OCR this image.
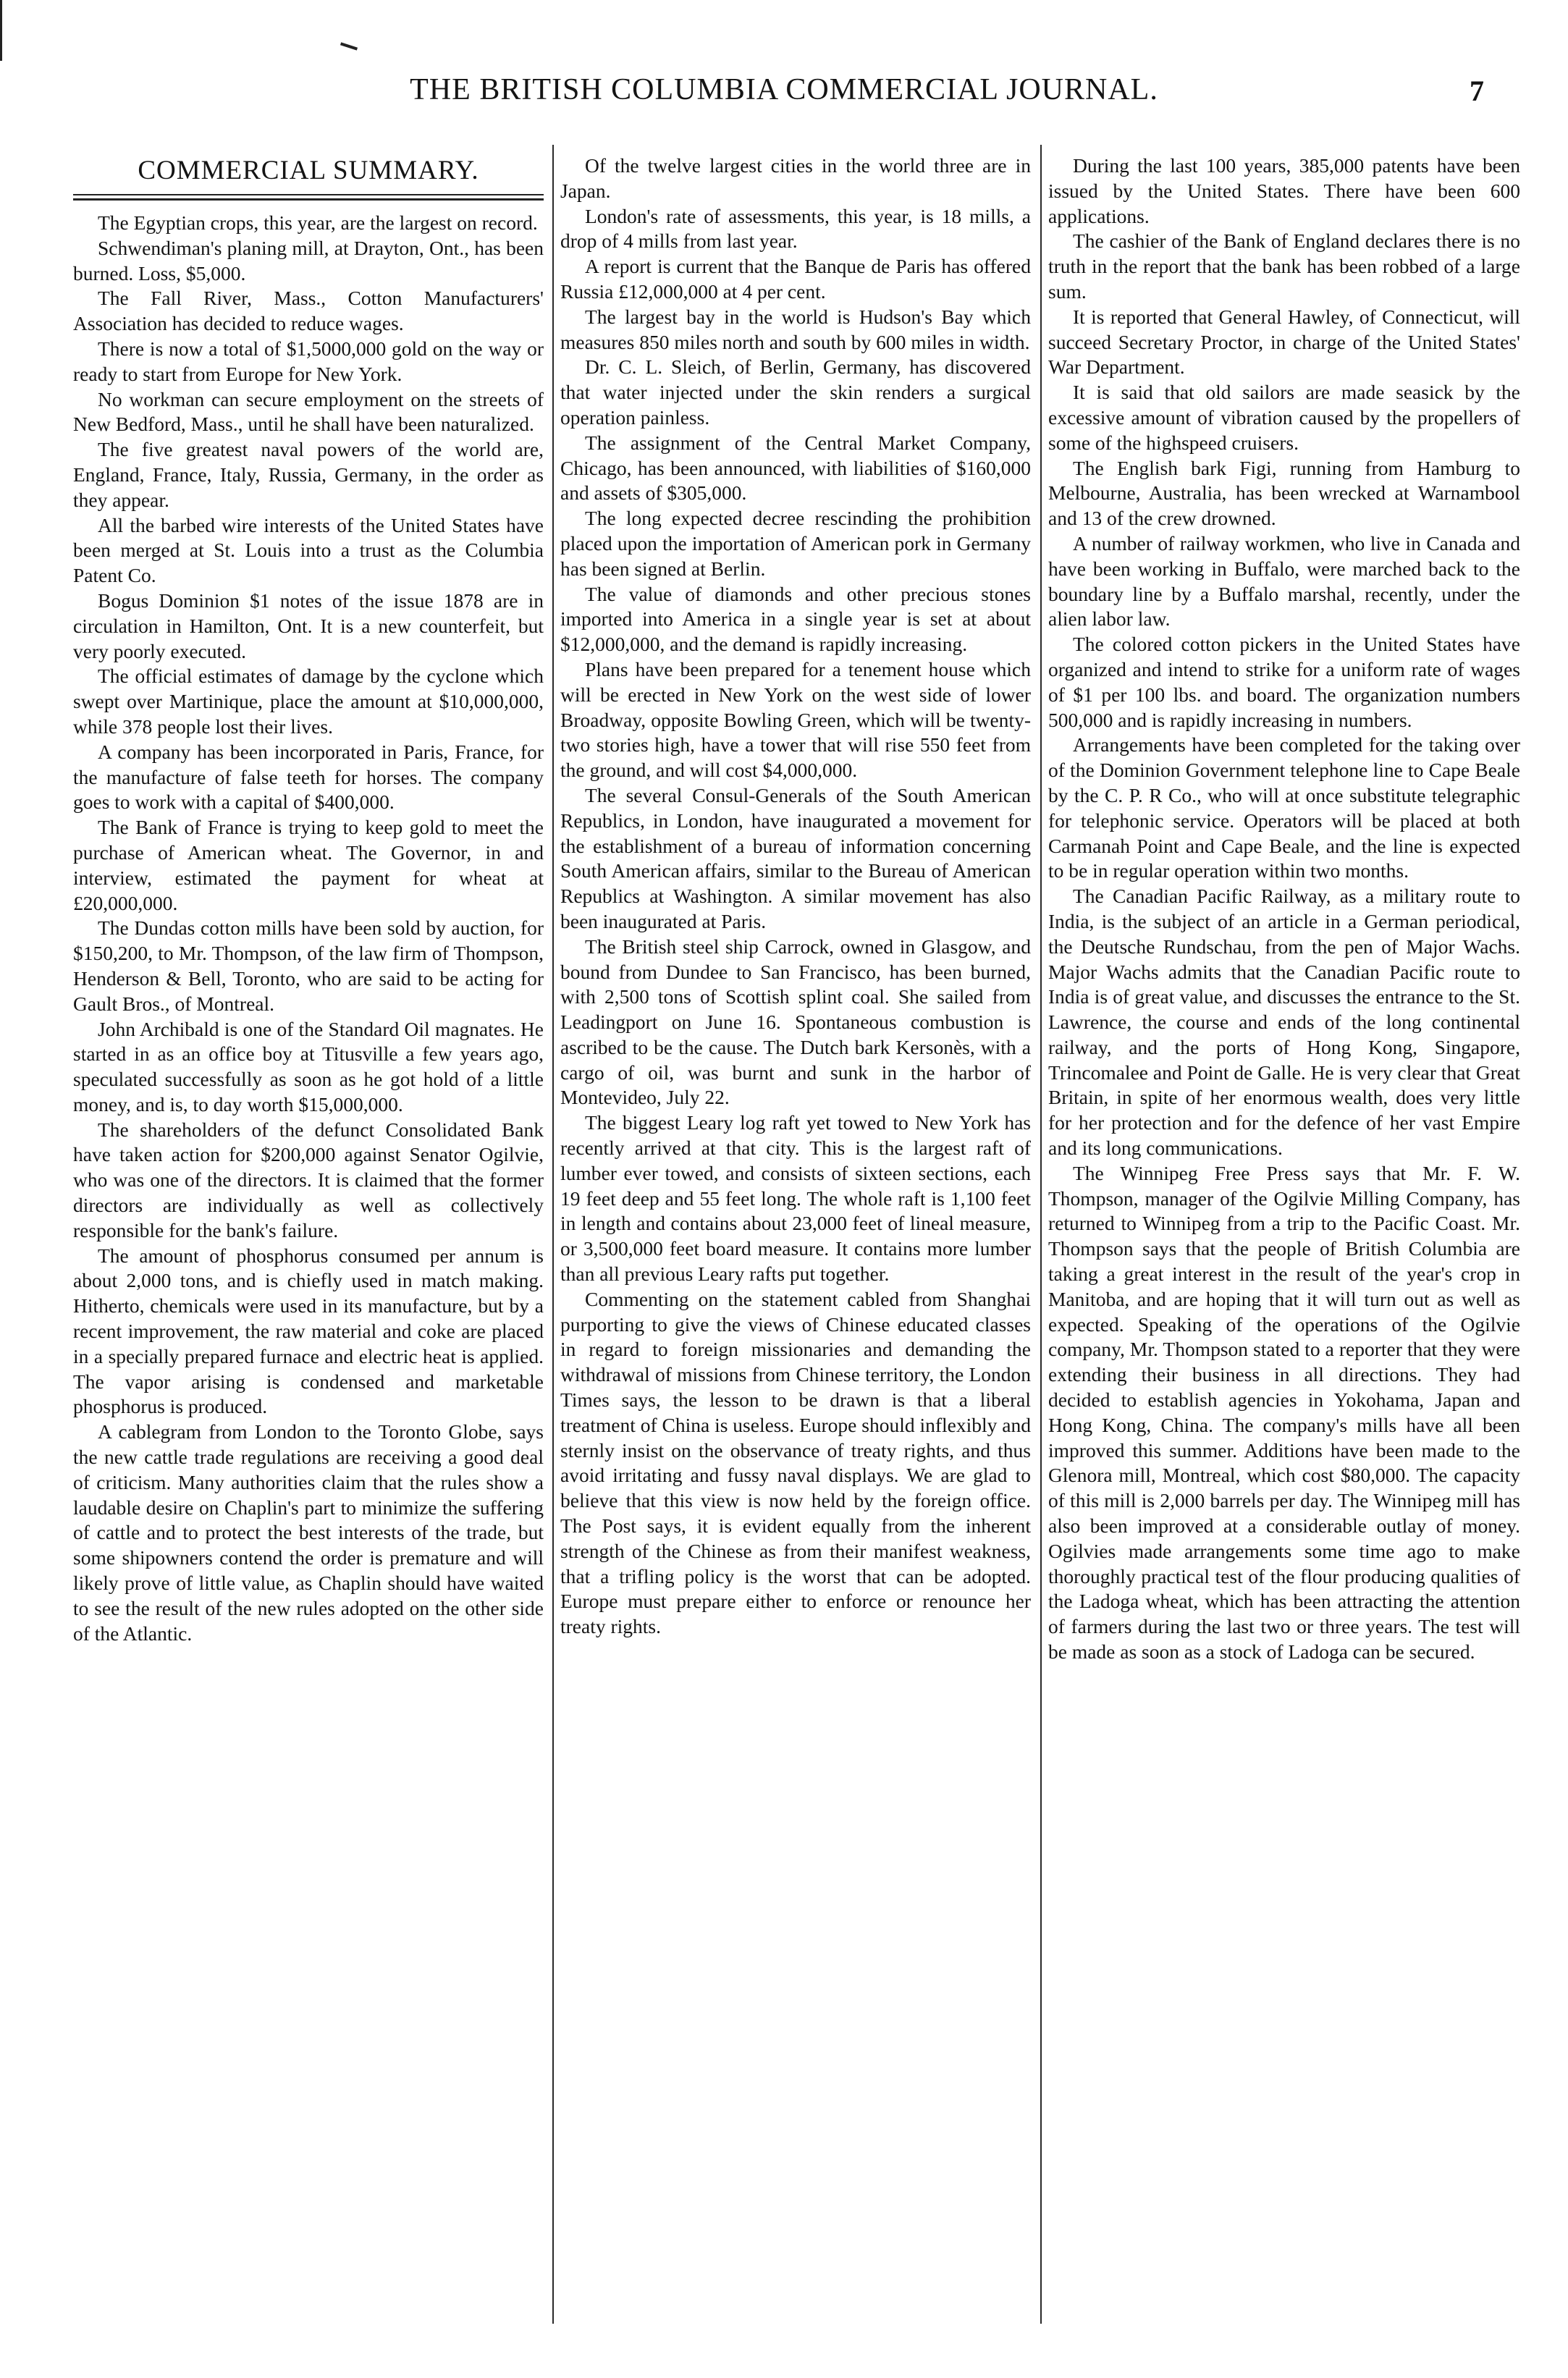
THE BRITISH COLUMBIA COMMERCIAL JOURNAL.	7
COMMERCIAL SUMMARY.

The Egyptian crops, this year, are the largest on record.

Schwendiman's planing mill, at Drayton, Ont., has been burned. Loss, $5,000.

The Fall River, Mass., Cotton Manufacturers' Association has decided to reduce wages.

There is now a total of $1,5000,000 gold on the way or ready to start from Europe for New York.

No workman can secure employment on the streets of New Bedford, Mass., until he shall have been naturalized.

The five greatest naval powers of the world are, England, France, Italy, Russia, Germany, in the order as they appear.

All the barbed wire interests of the United States have been merged at St. Louis into a trust as the Columbia Patent Co.

Bogus Dominion $1 notes of the issue 1878 are in circulation in Hamilton, Ont. It is a new counterfeit, but very poorly executed.

The official estimates of damage by the cyclone which swept over Martinique, place the amount at $10,000,000, while 378 people lost their lives.

A company has been incorporated in Paris, France, for the manufacture of false teeth for horses. The company goes to work with a capital of $400,000.

The Bank of France is trying to keep gold to meet the purchase of American wheat. The Governor, in and interview, estimated the payment for wheat at £20,000,000.

The Dundas cotton mills have been sold by auction, for $150,200, to Mr. Thompson, of the law firm of Thompson, Henderson & Bell, Toronto, who are said to be acting for Gault Bros., of Montreal.

John Archibald is one of the Standard Oil magnates. He started in as an office boy at Titusville a few years ago, speculated successfully as soon as he got hold of a little money, and is, to day worth $15,000,000.

The shareholders of the defunct Consolidated Bank have taken action for $200,000 against Senator Ogilvie, who was one of the directors. It is claimed that the former directors are individually as well as collectively responsible for the bank's failure.

The amount of phosphorus consumed per annum is about 2,000 tons, and is chiefly used in match making. Hitherto, chemicals were used in its manufacture, but by a recent improvement, the raw material and coke are placed in a specially prepared furnace and electric heat is applied. The vapor arising is condensed and marketable phosphorus is produced.

A cablegram from London to the Toronto Globe, says the new cattle trade regulations are receiving a good deal of criticism. Many authorities claim that the rules show a laudable desire on Chaplin's part to minimize the suffering of cattle and to protect the best interests of the trade, but some shipowners contend the order is premature and will likely prove of little value, as Chaplin should have waited to see the result of the new rules adopted on the other side of the Atlantic.

Of the twelve largest cities in the world three are in Japan.

London's rate of assessments, this year, is 18 mills, a drop of 4 mills from last year.

A report is current that the Banque de Paris has offered Russia £12,000,000 at 4 per cent.

The largest bay in the world is Hudson's Bay which measures 850 miles north and south by 600 miles in width.

Dr. C. L. Sleich, of Berlin, Germany, has discovered that water injected under the skin renders a surgical operation painless.

The assignment of the Central Market Company, Chicago, has been announced, with liabilities of $160,000 and assets of $305,000.

The long expected decree rescinding the prohibition placed upon the importation of American pork in Germany has been signed at Berlin.

The value of diamonds and other precious stones imported into America in a single year is set at about $12,000,000, and the demand is rapidly increasing.

Plans have been prepared for a tenement house which will be erected in New York on the west side of lower Broadway, opposite Bowling Green, which will be twenty-two stories high, have a tower that will rise 550 feet from the ground, and will cost $4,000,000.

The several Consul-Generals of the South American Republics, in London, have inaugurated a movement for the establishment of a bureau of information concerning South American affairs, similar to the Bureau of American Republics at Washington. A similar movement has also been inaugurated at Paris.

The British steel ship Carrock, owned in Glasgow, and bound from Dundee to San Francisco, has been burned, with 2,500 tons of Scottish splint coal. She sailed from Leadingport on June 16. Spontaneous combustion is ascribed to be the cause. The Dutch bark Kersonès, with a cargo of oil, was burnt and sunk in the harbor of Montevideo, July 22.

The biggest Leary log raft yet towed to New York has recently arrived at that city. This is the largest raft of lumber ever towed, and consists of sixteen sections, each 19 feet deep and 55 feet long. The whole raft is 1,100 feet in length and contains about 23,000 feet of lineal measure, or 3,500,000 feet board measure. It contains more lumber than all previous Leary rafts put together.

Commenting on the statement cabled from Shanghai purporting to give the views of Chinese educated classes in regard to foreign missionaries and demanding the withdrawal of missions from Chinese territory, the London Times says, the lesson to be drawn is that a liberal treatment of China is useless. Europe should inflexibly and sternly insist on the observance of treaty rights, and thus avoid irritating and fussy naval displays. We are glad to believe that this view is now held by the foreign office. The Post says, it is evident equally from the inherent strength of the Chinese as from their manifest weakness, that a trifling policy is the worst that can be adopted. Europe must prepare either to enforce or renounce her treaty rights.

During the last 100 years, 385,000 patents have been issued by the United States. There have been 600 applications.

The cashier of the Bank of England declares there is no truth in the report that the bank has been robbed of a large sum.

It is reported that General Hawley, of Connecticut, will succeed Secretary Proctor, in charge of the United States' War Department.

It is said that old sailors are made seasick by the excessive amount of vibration caused by the propellers of some of the highspeed cruisers.

The English bark Figi, running from Hamburg to Melbourne, Australia, has been wrecked at Warnambool and 13 of the crew drowned.

A number of railway workmen, who live in Canada and have been working in Buffalo, were marched back to the boundary line by a Buffalo marshal, recently, under the alien labor law.

The colored cotton pickers in the United States have organized and intend to strike for a uniform rate of wages of $1 per 100 lbs. and board. The organization numbers 500,000 and is rapidly increasing in numbers.

Arrangements have been completed for the taking over of the Dominion Government telephone line to Cape Beale by the C. P. R Co., who will at once substitute telegraphic for telephonic service. Operators will be placed at both Carmanah Point and Cape Beale, and the line is expected to be in regular operation within two months.

The Canadian Pacific Railway, as a military route to India, is the subject of an article in a German periodical, the Deutsche Rundschau, from the pen of Major Wachs. Major Wachs admits that the Canadian Pacific route to India is of great value, and discusses the entrance to the St. Lawrence, the course and ends of the long continental railway, and the ports of Hong Kong, Singapore, Trincomalee and Point de Galle. He is very clear that Great Britain, in spite of her enormous wealth, does very little for her protection and for the defence of her vast Empire and its long communications.

The Winnipeg Free Press says that Mr. F. W. Thompson, manager of the Ogilvie Milling Company, has returned to Winnipeg from a trip to the Pacific Coast. Mr. Thompson says that the people of British Columbia are taking a great interest in the result of the year's crop in Manitoba, and are hoping that it will turn out as well as expected. Speaking of the operations of the Ogilvie company, Mr. Thompson stated to a reporter that they were extending their business in all directions. They had decided to establish agencies in Yokohama, Japan and Hong Kong, China. The company's mills have all been improved this summer. Additions have been made to the Glenora mill, Montreal, which cost $80,000. The capacity of this mill is 2,000 barrels per day. The Winnipeg mill has also been improved at a considerable outlay of money. Ogilvies made arrangements some time ago to make thoroughly practical test of the flour producing qualities of the Ladoga wheat, which has been attracting the attention of farmers during the last two or three years. The test will be made as soon as a stock of Ladoga can be secured.
